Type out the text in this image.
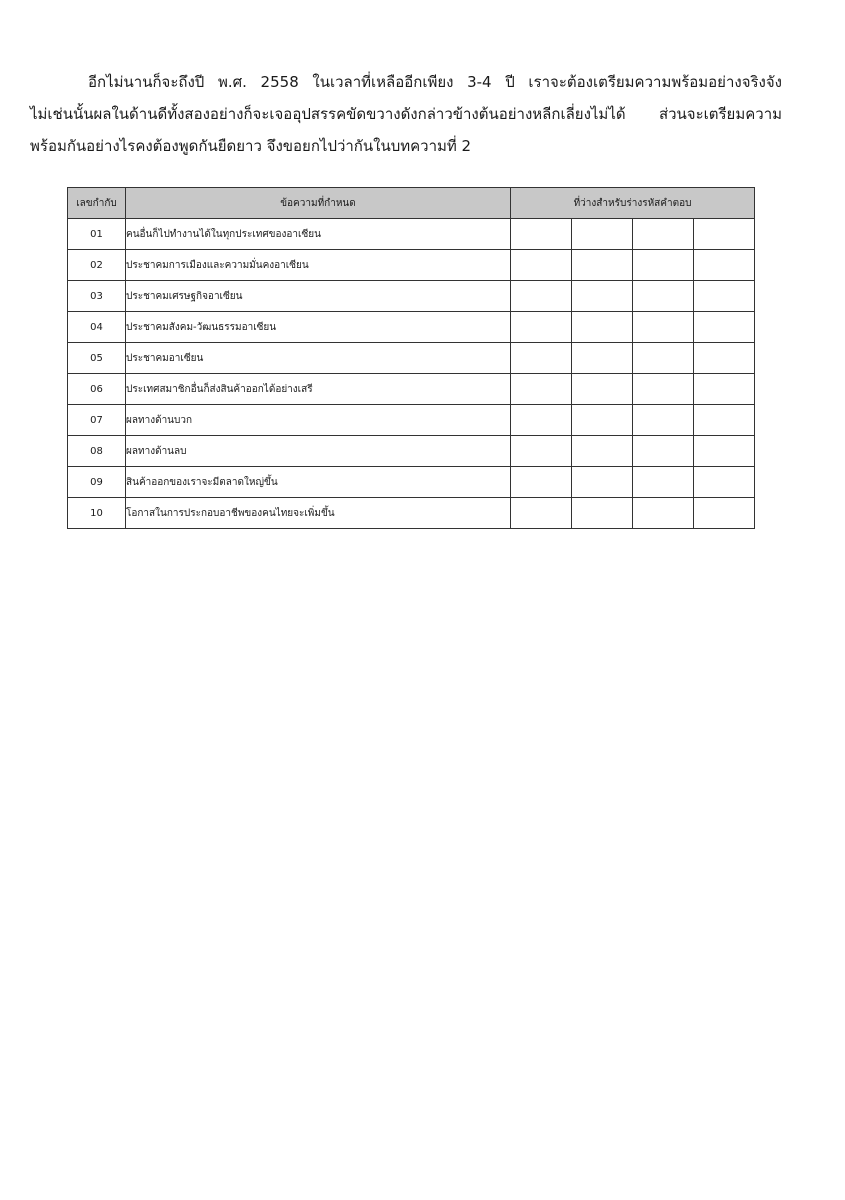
อีกไม่นานก็จะถึงปี พ.ศ. 2558 ในเวลาที่เหลืออีกเพียง 3-4 ปี เราจะต้องเตรียมความพร้อมอย่างจริงจัง
ไม่เช่นนั้นผลในด้านดีทั้งสองอย่างก็จะเจออุปสรรคขัดขวางดังกล่าวข้างต้นอย่างหลีกเลี่ยงไม่ได้ ส่วนจะเตรียมความ
พร้อมกันอย่างไรคงต้องพูดกันยืดยาว จึงขอยกไปว่ากันในบทความที่ 2
เลขกำกับ	ข้อความที่กำหนด	ที่ว่างสำหรับร่างรหัสคำตอบ			
01	คนอื่นก็ไปทำงานได้ในทุกประเทศของอาเซียน				
02	ประชาคมการเมืองและความมั่นคงอาเซียน				
03	ประชาคมเศรษฐกิจอาเซียน				
04	ประชาคมสังคม-วัฒนธรรมอาเซียน				
05	ประชาคมอาเซียน				
06	ประเทศสมาชิกอื่นก็ส่งสินค้าออกได้อย่างเสรี				
07	ผลทางด้านบวก				
08	ผลทางด้านลบ				
09	สินค้าออกของเราจะมีตลาดใหญ่ขึ้น				
10	โอกาสในการประกอบอาชีพของคนไทยจะเพิ่มขึ้น				
